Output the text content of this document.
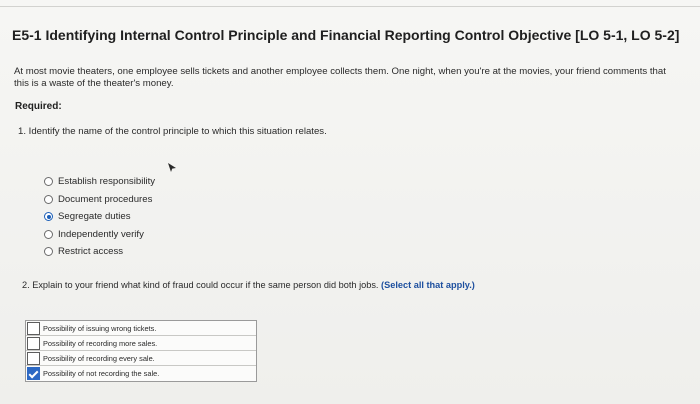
E5-1 Identifying Internal Control Principle and Financial Reporting Control Objective [LO 5-1, LO 5-2]
At most movie theaters, one employee sells tickets and another employee collects them. One night, when you're at the movies, your friend comments that this is a waste of the theater's money.
Required:
1. Identify the name of the control principle to which this situation relates.
Establish responsibility
Document procedures
Segregate duties
Independently verify
Restrict access
2. Explain to your friend what kind of fraud could occur if the same person did both jobs. (Select all that apply.)
Possibility of issuing wrong tickets.
Possibility of recording more sales.
Possibility of recording every sale.
Possibility of not recording the sale.
